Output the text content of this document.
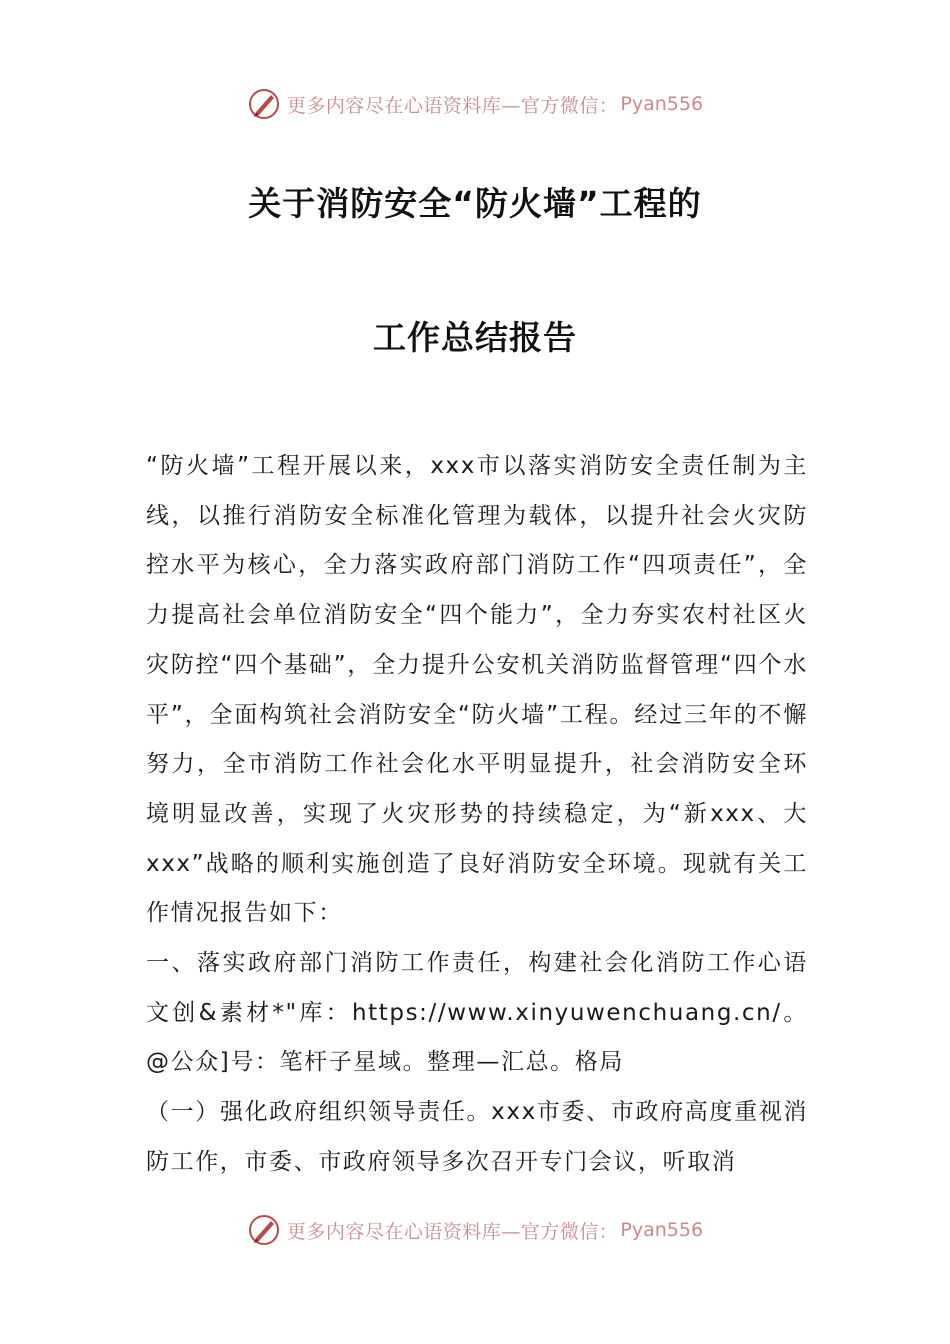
更多内容尽在心语资料库—官方微信： Pyan556
关于消防安全“防火墙”工程的
工作总结报告

“防火墙”工程开展以来，xxx市以落实消防安全责任制为主线，以推行消防安全标准化管理为载体，以提升社会火灾防控水平为核心，全力落实政府部门消防工作“四项责任”，全力提高社会单位消防安全“四个能力”，全力夯实农村社区火灾防控“四个基础”，全力提升公安机关消防监督管理“四个水平”，全面构筑社会消防安全“防火墙”工程。经过三年的不懈努力，全市消防工作社会化水平明显提升，社会消防安全环境明显改善，实现了火灾形势的持续稳定，为“新xxx、大xxx”战略的顺利实施创造了良好消防安全环境。现就有关工作情况报告如下：

一、落实政府部门消防工作责任，构建社会化消防工作心语文创&素材*"库：https://www.xinyuwenchuang.cn/。@公众]号：笔杆子星域。整理—汇总。格局

（一）强化政府组织领导责任。xxx市委、市政府高度重视消防工作，市委、市政府领导多次召开专门会议，听取消

更多内容尽在心语资料库—官方微信： Pyan556
